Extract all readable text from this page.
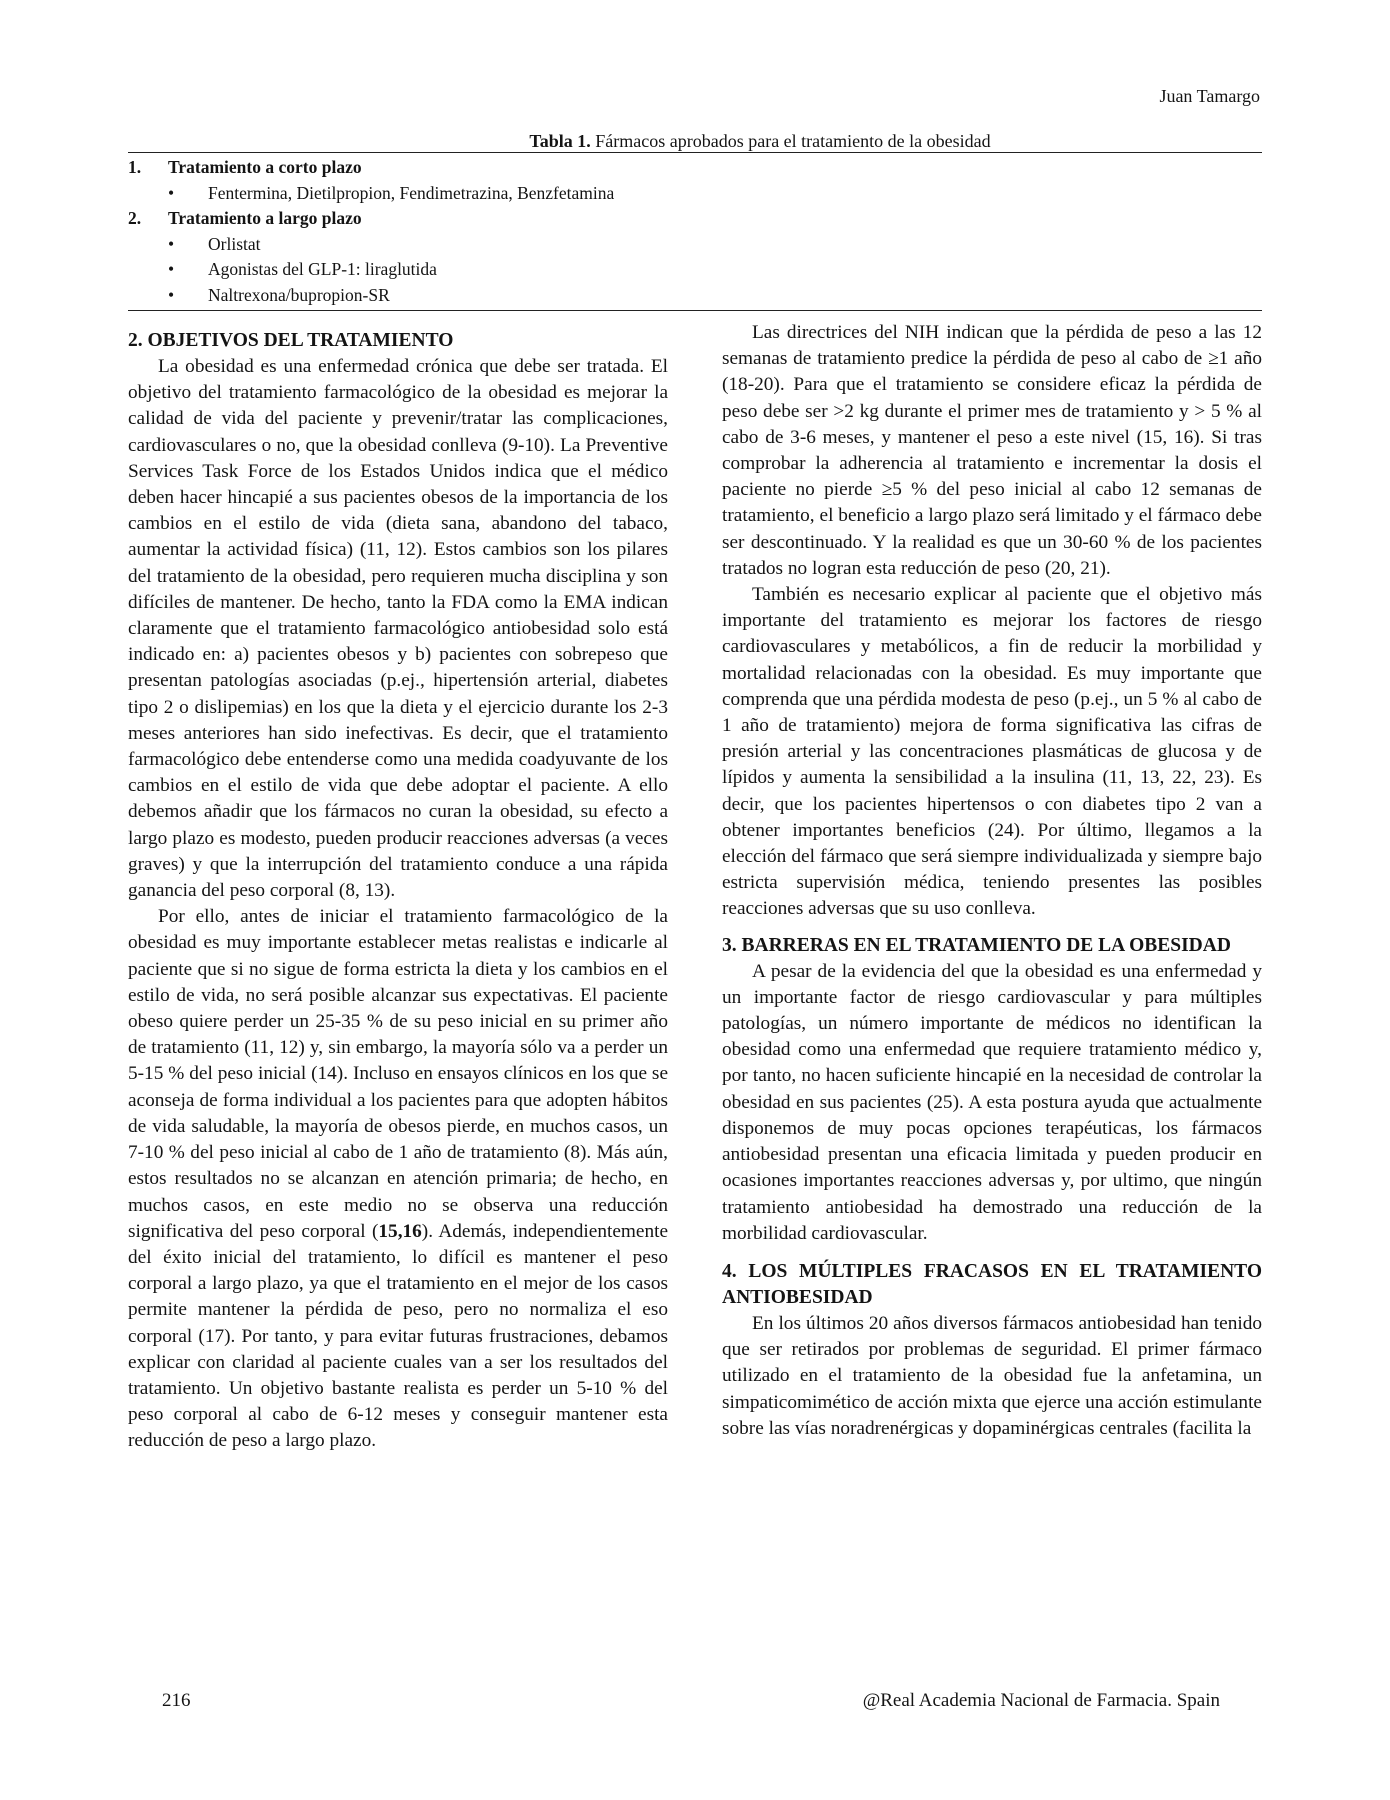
Juan Tamargo
Tabla 1. Fármacos aprobados para el tratamiento de la obesidad
1.	Tratamiento a corto plazo
•	Fentermina, Dietilpropion, Fendimetrazina, Benzfetamina
2.	Tratamiento a largo plazo
•	Orlistat
•	Agonistas del GLP-1: liraglutida
•	Naltrexona/bupropion-SR
2. OBJETIVOS DEL TRATAMIENTO

La obesidad es una enfermedad crónica que debe ser tratada. El objetivo del tratamiento farmacológico de la obesidad es mejorar la calidad de vida del paciente y prevenir/tratar las complicaciones, cardiovasculares o no, que la obesidad conlleva (9-10). La Preventive Services Task Force de los Estados Unidos indica que el médico deben hacer hincapié a sus pacientes obesos de la importancia de los cambios en el estilo de vida (dieta sana, abandono del tabaco, aumentar la actividad física) (11, 12). Estos cambios son los pilares del tratamiento de la obesidad, pero requieren mucha disciplina y son difíciles de mantener. De hecho, tanto la FDA como la EMA indican claramente que el tratamiento farmacológico antiobesidad solo está indicado en: a) pacientes obesos y b) pacientes con sobrepeso que presentan patologías asociadas (p.ej., hipertensión arterial, diabetes tipo 2 o dislipemias) en los que la dieta y el ejercicio durante los 2-3 meses anteriores han sido inefectivas. Es decir, que el tratamiento farmacológico debe entenderse como una medida coadyuvante de los cambios en el estilo de vida que debe adoptar el paciente. A ello debemos añadir que los fármacos no curan la obesidad, su efecto a largo plazo es modesto, pueden producir reacciones adversas (a veces graves) y que la interrupción del tratamiento conduce a una rápida ganancia del peso corporal (8, 13).

Por ello, antes de iniciar el tratamiento farmacológico de la obesidad es muy importante establecer metas realistas e indicarle al paciente que si no sigue de forma estricta la dieta y los cambios en el estilo de vida, no será posible alcanzar sus expectativas. El paciente obeso quiere perder un 25-35 % de su peso inicial en su primer año de tratamiento (11, 12) y, sin embargo, la mayoría sólo va a perder un 5-15 % del peso inicial (14). Incluso en ensayos clínicos en los que se aconseja de forma individual a los pacientes para que adopten hábitos de vida saludable, la mayoría de obesos pierde, en muchos casos, un 7-10 % del peso inicial al cabo de 1 año de tratamiento (8). Más aún, estos resultados no se alcanzan en atención primaria; de hecho, en muchos casos, en este medio no se observa una reducción significativa del peso corporal (15,16). Además, independientemente del éxito inicial del tratamiento, lo difícil es mantener el peso corporal a largo plazo, ya que el tratamiento en el mejor de los casos permite mantener la pérdida de peso, pero no normaliza el eso corporal (17). Por tanto, y para evitar futuras frustraciones, debamos explicar con claridad al paciente cuales van a ser los resultados del tratamiento. Un objetivo bastante realista es perder un 5-10 % del peso corporal al cabo de 6-12 meses y conseguir mantener esta reducción de peso a largo plazo.

Las directrices del NIH indican que la pérdida de peso a las 12 semanas de tratamiento predice la pérdida de peso al cabo de ≥1 año (18-20). Para que el tratamiento se considere eficaz la pérdida de peso debe ser >2 kg durante el primer mes de tratamiento y > 5 % al cabo de 3-6 meses, y mantener el peso a este nivel (15, 16). Si tras comprobar la adherencia al tratamiento e incrementar la dosis el paciente no pierde ≥5 % del peso inicial al cabo 12 semanas de tratamiento, el beneficio a largo plazo será limitado y el fármaco debe ser descontinuado. Y la realidad es que un 30-60 % de los pacientes tratados no logran esta reducción de peso (20, 21).

También es necesario explicar al paciente que el objetivo más importante del tratamiento es mejorar los factores de riesgo cardiovasculares y metabólicos, a fin de reducir la morbilidad y mortalidad relacionadas con la obesidad. Es muy importante que comprenda que una pérdida modesta de peso (p.ej., un 5 % al cabo de 1 año de tratamiento) mejora de forma significativa las cifras de presión arterial y las concentraciones plasmáticas de glucosa y de lípidos y aumenta la sensibilidad a la insulina (11, 13, 22, 23). Es decir, que los pacientes hipertensos o con diabetes tipo 2 van a obtener importantes beneficios (24). Por último, llegamos a la elección del fármaco que será siempre individualizada y siempre bajo estricta supervisión médica, teniendo presentes las posibles reacciones adversas que su uso conlleva.

3. BARRERAS EN EL TRATAMIENTO DE LA OBESIDAD

A pesar de la evidencia del que la obesidad es una enfermedad y un importante factor de riesgo cardiovascular y para múltiples patologías, un número importante de médicos no identifican la obesidad como una enfermedad que requiere tratamiento médico y, por tanto, no hacen suficiente hincapié en la necesidad de controlar la obesidad en sus pacientes (25). A esta postura ayuda que actualmente disponemos de muy pocas opciones terapéuticas, los fármacos antiobesidad presentan una eficacia limitada y pueden producir en ocasiones importantes reacciones adversas y, por ultimo, que ningún tratamiento antiobesidad ha demostrado una reducción de la morbilidad cardiovascular.

4. LOS MÚLTIPLES FRACASOS EN EL TRATAMIENTO ANTIOBESIDAD

En los últimos 20 años diversos fármacos antiobesidad han tenido que ser retirados por problemas de seguridad. El primer fármaco utilizado en el tratamiento de la obesidad fue la anfetamina, un simpaticomimético de acción mixta que ejerce una acción estimulante sobre las vías noradrenérgicas y dopaminérgicas centrales (facilita la

216	@Real Academia Nacional de Farmacia. Spain
